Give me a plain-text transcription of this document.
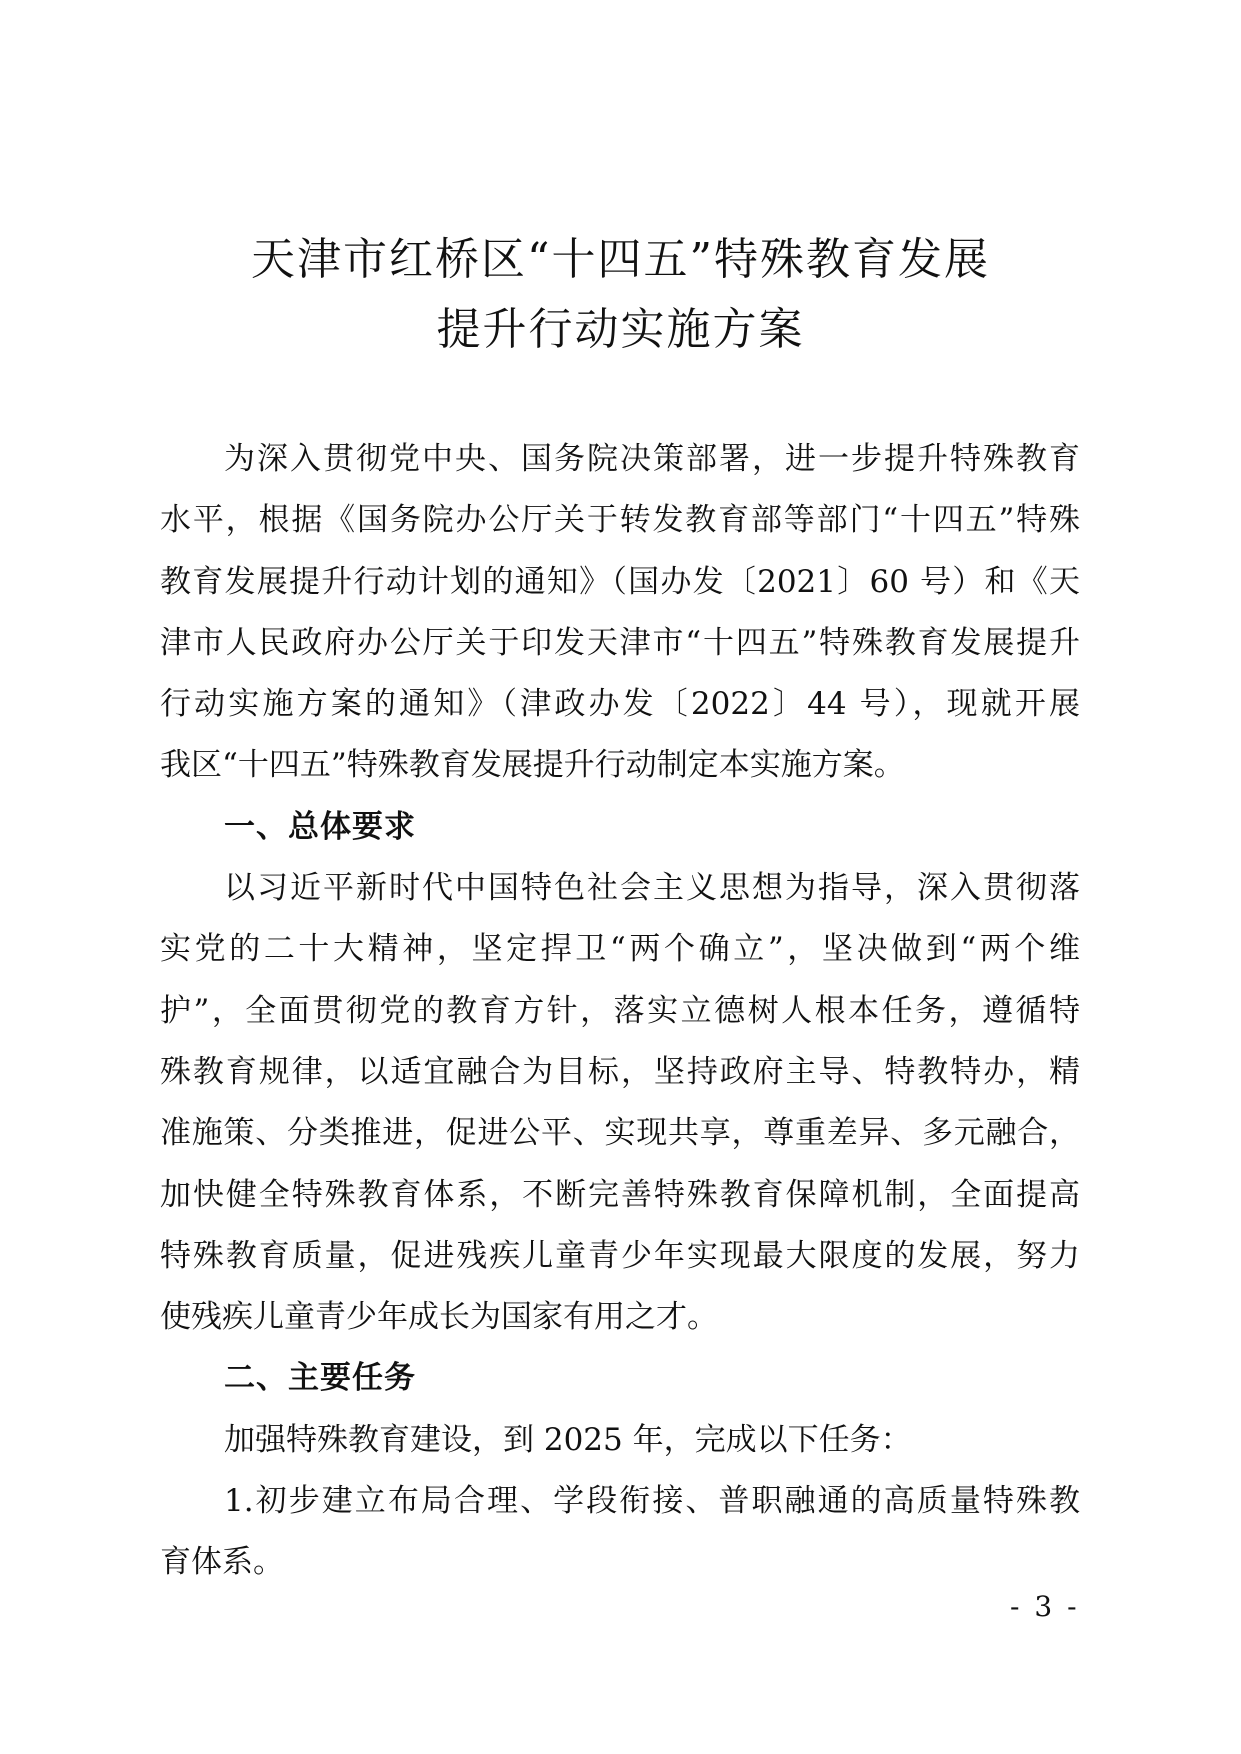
天津市红桥区“十四五”特殊教育发展
提升行动实施方案
为深入贯彻党中央、国务院决策部署，进一步提升特殊教育
水平，根据《国务院办公厅关于转发教育部等部门“十四五”特殊
教育发展提升行动计划的通知》（国办发〔2021〕60 号）和《天
津市人民政府办公厅关于印发天津市“十四五”特殊教育发展提升
行动实施方案的通知》（津政办发〔2022〕44 号），现就开展
我区“十四五”特殊教育发展提升行动制定本实施方案。
一、总体要求
以习近平新时代中国特色社会主义思想为指导，深入贯彻落
实党的二十大精神，坚定捍卫“两个确立”，坚决做到“两个维
护”，全面贯彻党的教育方针，落实立德树人根本任务，遵循特
殊教育规律，以适宜融合为目标，坚持政府主导、特教特办，精
准施策、分类推进，促进公平、实现共享，尊重差异、多元融合，
加快健全特殊教育体系，不断完善特殊教育保障机制，全面提高
特殊教育质量，促进残疾儿童青少年实现最大限度的发展，努力
使残疾儿童青少年成长为国家有用之才。
二、主要任务
加强特殊教育建设，到 2025 年，完成以下任务：
1.初步建立布局合理、学段衔接、普职融通的高质量特殊教
育体系。
- 3 -
